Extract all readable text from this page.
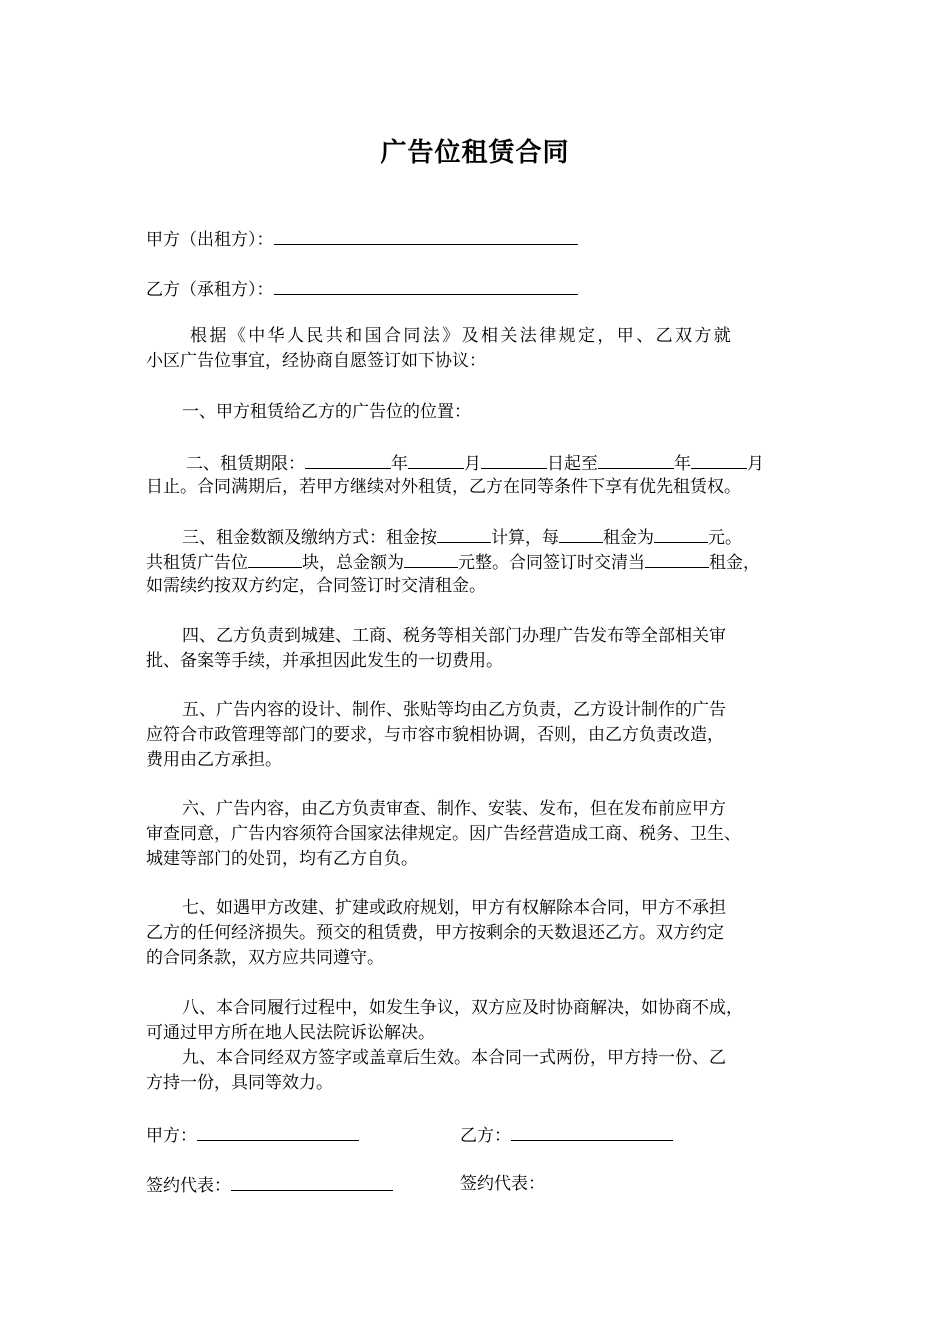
广告位租赁合同
甲方（出租方）：
乙方（承租方）：
根据《中华人民共和国合同法》及相关法律规定，甲、乙双方就
小区广告位事宜，经协商自愿签订如下协议：
一、甲方租赁给乙方的广告位的位置：
二、租赁期限：	年	月	日起至	年	月
日止。合同满期后，若甲方继续对外租赁，乙方在同等条件下享有优先租赁权。
三、租金数额及缴纳方式：租金按	计算，每	租金为	元。
共租赁广告位	块，总金额为	元整。合同签订时交清当	租金，
如需续约按双方约定，合同签订时交清租金。
四、乙方负责到城建、工商、税务等相关部门办理广告发布等全部相关审
批、备案等手续，并承担因此发生的一切费用。
五、广告内容的设计、制作、张贴等均由乙方负责，乙方设计制作的广告
应符合市政管理等部门的要求，与市容市貌相协调，否则，由乙方负责改造，
费用由乙方承担。
六、广告内容，由乙方负责审查、制作、安装、发布，但在发布前应甲方
审查同意，广告内容须符合国家法律规定。因广告经营造成工商、税务、卫生、
城建等部门的处罚，均有乙方自负。
七、如遇甲方改建、扩建或政府规划，甲方有权解除本合同，甲方不承担
乙方的任何经济损失。预交的租赁费，甲方按剩余的天数退还乙方。双方约定
的合同条款，双方应共同遵守。
八、本合同履行过程中，如发生争议，双方应及时协商解决，如协商不成，
可通过甲方所在地人民法院诉讼解决。
九、本合同经双方签字或盖章后生效。本合同一式两份，甲方持一份、乙
方持一份，具同等效力。
甲方：	乙方：
签约代表：	签约代表：
